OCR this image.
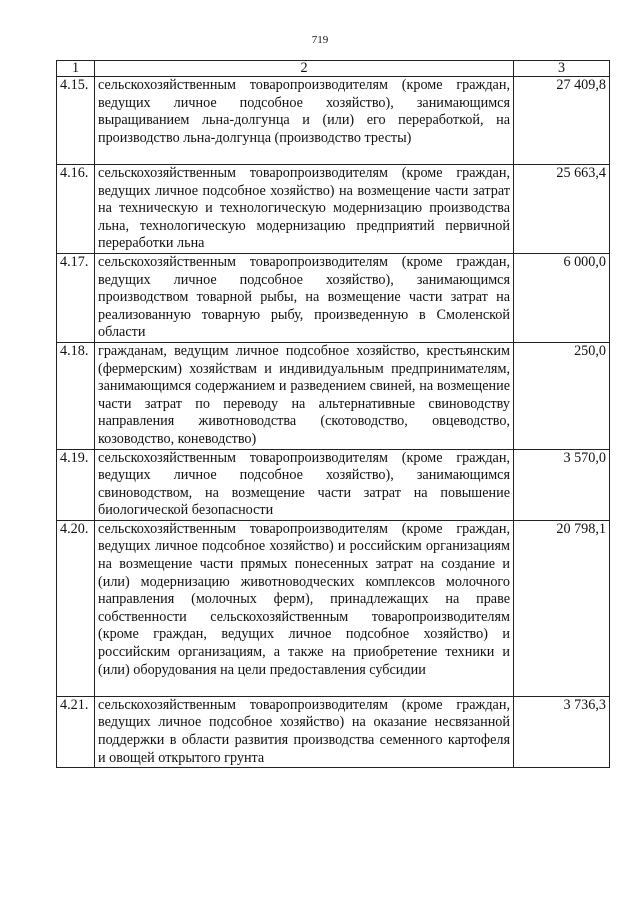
719
1	2	3
4.15.	сельскохозяйственным товаропроизводителям (кроме граждан, ведущих личное подсобное хозяйство), занимающимся выращиванием льна-долгунца и (или) его переработкой, на производство льна-долгунца (производство тресты)	27 409,8
4.16.	сельскохозяйственным товаропроизводителям (кроме граждан, ведущих личное подсобное хозяйство) на возмещение части затрат на техническую и технологическую модернизацию производства льна, технологическую модернизацию предприятий первичной переработки льна	25 663,4
4.17.	сельскохозяйственным товаропроизводителям (кроме граждан, ведущих личное подсобное хозяйство), занимающимся производством товарной рыбы, на возмещение части затрат на реализованную товарную рыбу, произведенную в Смоленской области	6 000,0
4.18.	гражданам, ведущим личное подсобное хозяйство, крестьянским (фермерским) хозяйствам и индивидуальным предпринимателям, занимающимся содержанием и разведением свиней, на возмещение части затрат по переводу на альтернативные свиноводству направления животноводства (скотоводство, овцеводство, козоводство, коневодство)	250,0
4.19.	сельскохозяйственным товаропроизводителям (кроме граждан, ведущих личное подсобное хозяйство), занимающимся свиноводством, на возмещение части затрат на повышение биологической безопасности	3 570,0
4.20.	сельскохозяйственным товаропроизводителям (кроме граждан, ведущих личное подсобное хозяйство) и российским организациям на возмещение части прямых понесенных затрат на создание и (или) модернизацию животноводческих комплексов молочного направления (молочных ферм), принадлежащих на праве собственности сельскохозяйственным товаропроизводителям (кроме граждан, ведущих личное подсобное хозяйство) и российским организациям, а также на приобретение техники и (или) оборудования на цели предоставления субсидии	20 798,1
4.21.	сельскохозяйственным товаропроизводителям (кроме граждан, ведущих личное подсобное хозяйство) на оказание несвязанной поддержки в области развития производства семенного картофеля и овощей открытого грунта	3 736,3
